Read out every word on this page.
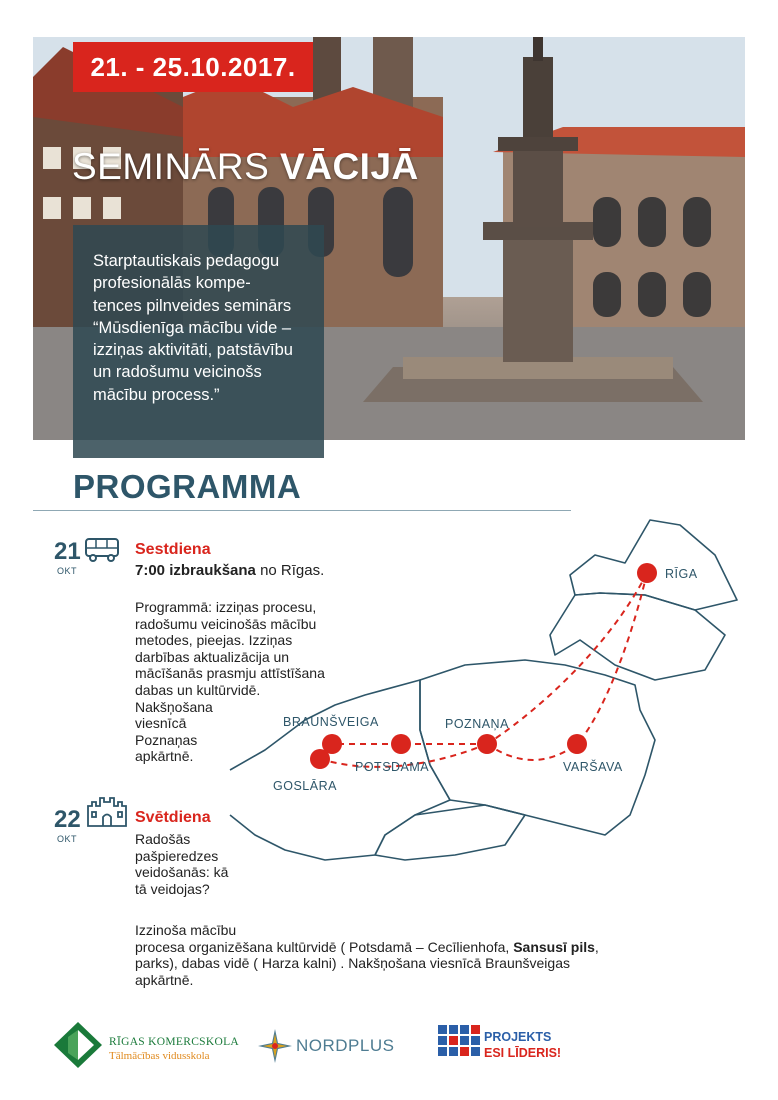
21. - 25.10.2017.
SEMINĀRS VĀCIJĀ
Starptautiskais pedagogu
profesionālās kompe-
tences pilnveides seminārs
“Mūsdienīga mācību vide –
izziņas aktivitāti, patstāvību
un radošumu veicinošs
mācību process.”
PROGRAMMA
RĪGA
BRAUNŠVEIGA	POZNAŅA
POTSDAMA
GOSLĀRA
VARŠAVA
21
OKT
Sestdiena
7:00 izbraukšana no Rīgas.
Programmā: izziņas procesu,
radošumu veicinošās mācību
metodes, pieejas. Izziņas
darbības aktualizācija un
mācīšanās prasmju attīstīšana
dabas un kultūrvidē.
Nakšņošana
viesnīcā
Poznaņas
apkārtnē.
22
OKT
Svētdiena
Radošās
pašpieredzes
veidošanās: kā
tā veidojas?
Izzinoša mācību
procesa organizēšana kultūrvidē ( Potsdamā – Cecīlienhofa, Sansusī pils,
parks), dabas vidē ( Harza kalni) . Nakšņošana viesnīcā Braunšveigas
apkārtnē.
RĪGAS KOMERCSKOLA
Tālmācības vidusskola
NORDPLUS	PROJEKTS
ESI LĪDERIS!
